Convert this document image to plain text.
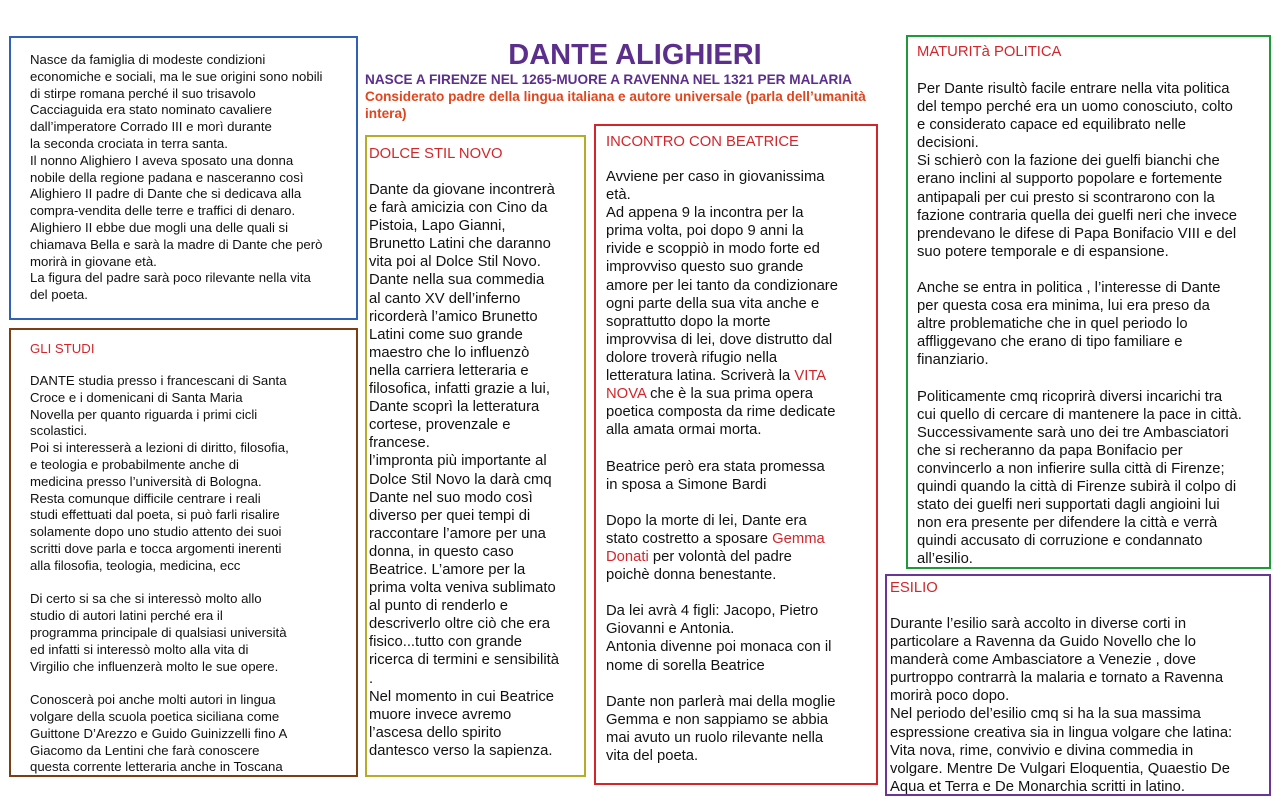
Nasce da famiglia di modeste condizioni
economiche e sociali, ma le sue origini sono nobili
di stirpe romana perché il suo trisavolo
Cacciaguida era stato nominato cavaliere
dall’imperatore Corrado III e morì durante
la seconda crociata in terra santa.
Il nonno Alighiero I aveva sposato una donna
nobile della regione padana e nasceranno così
Alighiero II padre di Dante che si dedicava alla
compra-vendita delle terre e traffici di denaro.
Alighiero II ebbe due mogli una delle quali si
chiamava Bella e sarà la madre di Dante che però
morirà in giovane età.
La figura del padre sarà poco rilevante nella vita
del poeta.
GLI STUDI
DANTE studia presso i francescani di Santa
Croce e i domenicani di Santa Maria
Novella per quanto riguarda i primi cicli
scolastici.
Poi si interesserà a lezioni di diritto, filosofia,
e teologia e probabilmente anche di
medicina presso l’università di Bologna.
Resta comunque difficile centrare i reali
studi effettuati dal poeta, si può farli risalire
solamente dopo uno studio attento dei suoi
scritti dove parla e tocca argomenti inerenti
alla filosofia, teologia, medicina, ecc

Di certo si sa che si interessò molto allo
studio di autori latini perché era il
programma principale di qualsiasi università
ed infatti si interessò molto alla vita di
Virgilio che influenzerà molto le sue opere.

Conoscerà poi anche molti autori in lingua
volgare della scuola poetica siciliana come
Guittone D’Arezzo e Guido Guinizzelli fino A
Giacomo da Lentini che farà conoscere
questa corrente letteraria anche in Toscana
DANTE ALIGHIERI
NASCE A FIRENZE NEL 1265-MUORE A RAVENNA NEL 1321 PER MALARIA
Considerato padre della lingua italiana e autore universale (parla dell’umanità intera)
DOLCE STIL NOVO
Dante da giovane incontrerà
e farà amicizia con Cino da
Pistoia, Lapo Gianni,
Brunetto Latini che daranno
vita poi al Dolce Stil Novo.
Dante nella sua commedia
al canto XV dell’inferno
ricorderà l’amico Brunetto
Latini come suo grande
maestro che lo influenzò
nella carriera letteraria e
filosofica, infatti grazie a lui,
Dante scoprì la letteratura
cortese, provenzale e
francese.
l’impronta più importante al
Dolce Stil Novo la darà cmq
Dante nel suo modo così
diverso per quei tempi di
raccontare l’amore per una
donna, in questo caso
Beatrice. L’amore per la
prima volta veniva sublimato
al punto di renderlo e
descriverlo oltre ciò che era
fisico...tutto con grande
ricerca di termini e sensibilità
.
Nel momento in cui Beatrice
muore invece avremo
l’ascesa dello spirito
dantesco verso la sapienza.
INCONTRO CON BEATRICE
Avviene per caso in giovanissima
età.
Ad appena 9 la incontra per la
prima volta, poi dopo 9 anni la
rivide e scoppiò in modo forte ed
improvviso questo suo grande
amore per lei tanto da condizionare
ogni parte della sua vita anche e
soprattutto dopo la morte
improvvisa di lei, dove distrutto dal
dolore troverà rifugio nella
letteratura latina. Scriverà la VITA
NOVA che è la sua prima opera
poetica composta da rime dedicate
alla amata ormai morta.

Beatrice però era stata promessa
in sposa a Simone Bardi

Dopo la morte di lei, Dante era
stato costretto a sposare Gemma
Donati per volontà del padre
poichè donna benestante.

Da lei avrà 4 figli: Jacopo, Pietro
Giovanni e Antonia.
Antonia divenne poi monaca con il
nome di sorella Beatrice

Dante non parlerà mai della moglie
Gemma e non sappiamo se abbia
mai avuto un ruolo rilevante nella
vita del poeta.
MATURITà POLITICA
Per Dante risultò facile entrare nella vita politica
del tempo perché era un uomo conosciuto, colto
e considerato capace ed equilibrato nelle
decisioni.
Si schierò con la fazione dei guelfi bianchi che
erano inclini al supporto popolare e fortemente
antipapali per cui presto si scontrarono con la
fazione contraria quella dei guelfi neri che invece
prendevano le difese di Papa Bonifacio VIII e del
suo potere temporale e di espansione.

Anche se entra in politica , l’interesse di Dante
per questa cosa era minima, lui era preso da
altre problematiche che in quel periodo lo
affliggevano che erano di tipo familiare e
finanziario.

Politicamente cmq ricoprirà diversi incarichi tra
cui quello di cercare di mantenere la pace in città.
Successivamente sarà uno dei tre Ambasciatori
che si recheranno da papa Bonifacio per
convincerlo a non infierire sulla città di Firenze;
quindi quando la città di Firenze subirà il colpo di
stato dei guelfi neri supportati dagli angioini lui
non era presente per difendere la città e verrà
quindi accusato di corruzione e condannato
all’esilio.
ESILIO
Durante l’esilio sarà accolto in diverse corti in
particolare a Ravenna da Guido Novello che lo
manderà come Ambasciatore a Venezie , dove
purtroppo contrarrà la malaria e tornato a Ravenna
morirà poco dopo.
Nel periodo del’esilio cmq si ha la sua massima
espressione creativa sia in lingua volgare che latina:
Vita nova, rime, convivio e divina commedia in
volgare. Mentre De Vulgari Eloquentia, Quaestio De
Aqua et Terra e De Monarchia scritti in latino.
